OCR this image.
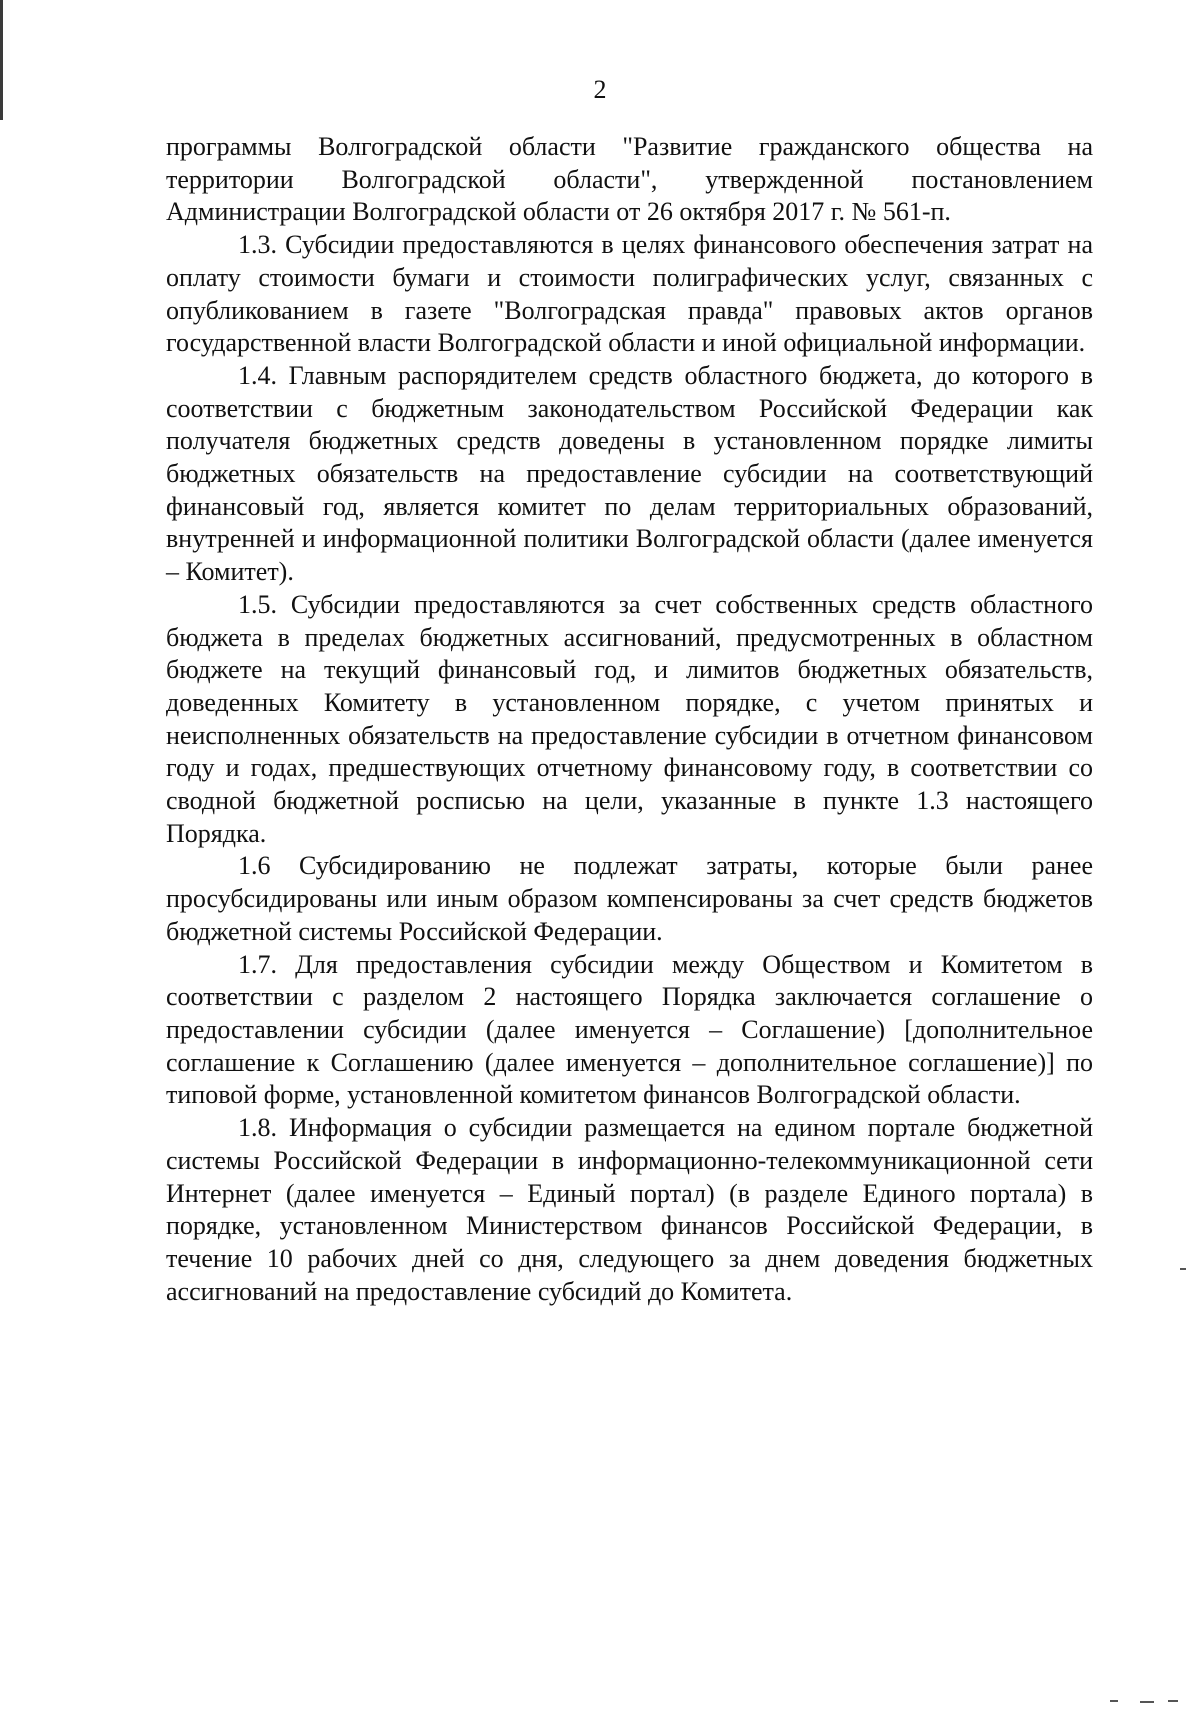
2

программы Волгоградской области "Развитие гражданского общества на территории Волгоградской области", утвержденной постановлением Администрации Волгоградской области от 26 октября 2017 г. № 561-п.

1.3. Субсидии предоставляются в целях финансового обеспечения затрат на оплату стоимости бумаги и стоимости полиграфических услуг, связанных с опубликованием в газете "Волгоградская правда" правовых актов органов государственной власти Волгоградской области и иной официальной информации.

1.4. Главным распорядителем средств областного бюджета, до которого в соответствии с бюджетным законодательством Российской Федерации как получателя бюджетных средств доведены в установленном порядке лимиты бюджетных обязательств на предоставление субсидии на соответствующий финансовый год, является комитет по делам территориальных образований, внутренней и информационной политики Волгоградской области (далее именуется – Комитет).

1.5. Субсидии предоставляются за счет собственных средств областного бюджета в пределах бюджетных ассигнований, предусмотренных в областном бюджете на текущий финансовый год, и лимитов бюджетных обязательств, доведенных Комитету в установленном порядке, с учетом принятых и неисполненных обязательств на предоставление субсидии в отчетном финансовом году и годах, предшествующих отчетному финансовому году, в соответствии со сводной бюджетной росписью на цели, указанные в пункте 1.3 настоящего Порядка.

1.6 Субсидированию не подлежат затраты, которые были ранее просубсидированы или иным образом компенсированы за счет средств бюджетов бюджетной системы Российской Федерации.

1.7. Для предоставления субсидии между Обществом и Комитетом в соответствии с разделом 2 настоящего Порядка заключается соглашение о предоставлении субсидии (далее именуется – Соглашение) [дополнительное соглашение к Соглашению (далее именуется – дополнительное соглашение)] по типовой форме, установленной комитетом финансов Волгоградской области.

1.8. Информация о субсидии размещается на едином портале бюджетной системы Российской Федерации в информационно-телекоммуникационной сети Интернет (далее именуется – Единый портал) (в разделе Единого портала) в порядке, установленном Министерством финансов Российской Федерации, в течение 10 рабочих дней со дня, следующего за днем доведения бюджетных ассигнований на предоставление субсидий до Комитета.
